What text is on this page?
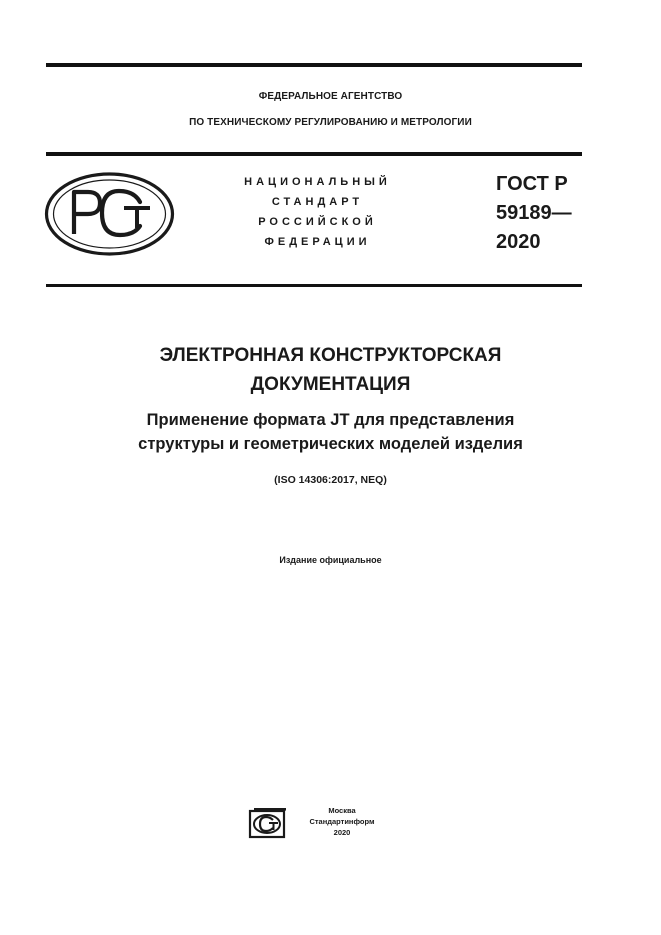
ФЕДЕРАЛЬНОЕ АГЕНТСТВО
ПО ТЕХНИЧЕСКОМУ РЕГУЛИРОВАНИЮ И МЕТРОЛОГИИ
НАЦИОНАЛЬНЫЙ
СТАНДАРТ
РОССИЙСКОЙ
ФЕДЕРАЦИИ
ГОСТ Р
59189—
2020
ЭЛЕКТРОННАЯ КОНСТРУКТОРСКАЯ
ДОКУМЕНТАЦИЯ
Применение формата JT для представления
структуры и геометрических моделей изделия
(ISO 14306:2017, NEQ)
Издание официальное
Москва
Стандартинформ
2020
